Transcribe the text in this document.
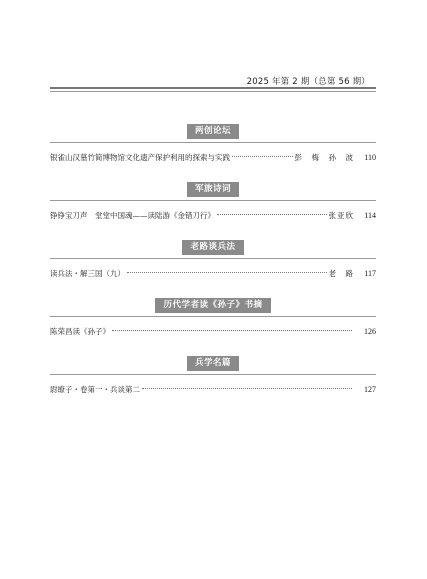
2025 年第 2 期（总第 56 期）
两创论坛
银雀山汉墓竹简博物馆文化遗产保护利用的探索与实践	彭　梅　孙　波	110
军旅诗词
铮铮宝刀声　堂堂中国魂——读陆游《金错刀行》	张亚欣	114
老路谈兵法
读兵法・解三国（九）	老　路	117
历代学者读《孙子》书摘
陈荣昌读《孙子》	126
兵学名篇
尉缭子・卷第一・兵谈第二	127
